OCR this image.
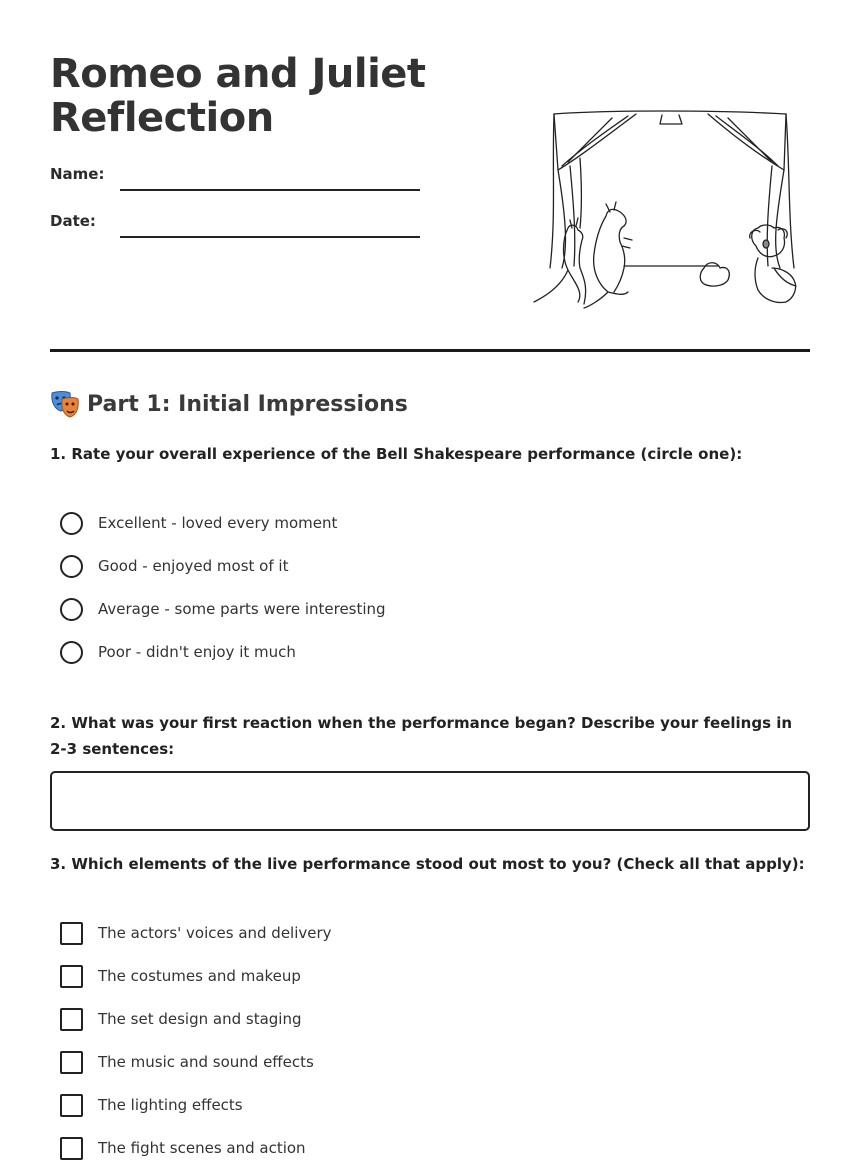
Romeo and Juliet Reflection
Name:
Date:
Part 1: Initial Impressions
1. Rate your overall experience of the Bell Shakespeare performance (circle one):
Excellent - loved every moment
Good - enjoyed most of it
Average - some parts were interesting
Poor - didn't enjoy it much
2. What was your first reaction when the performance began? Describe your feelings in 2-3 sentences:
3. Which elements of the live performance stood out most to you? (Check all that apply):
The actors' voices and delivery
The costumes and makeup
The set design and staging
The music and sound effects
The lighting effects
The fight scenes and action
